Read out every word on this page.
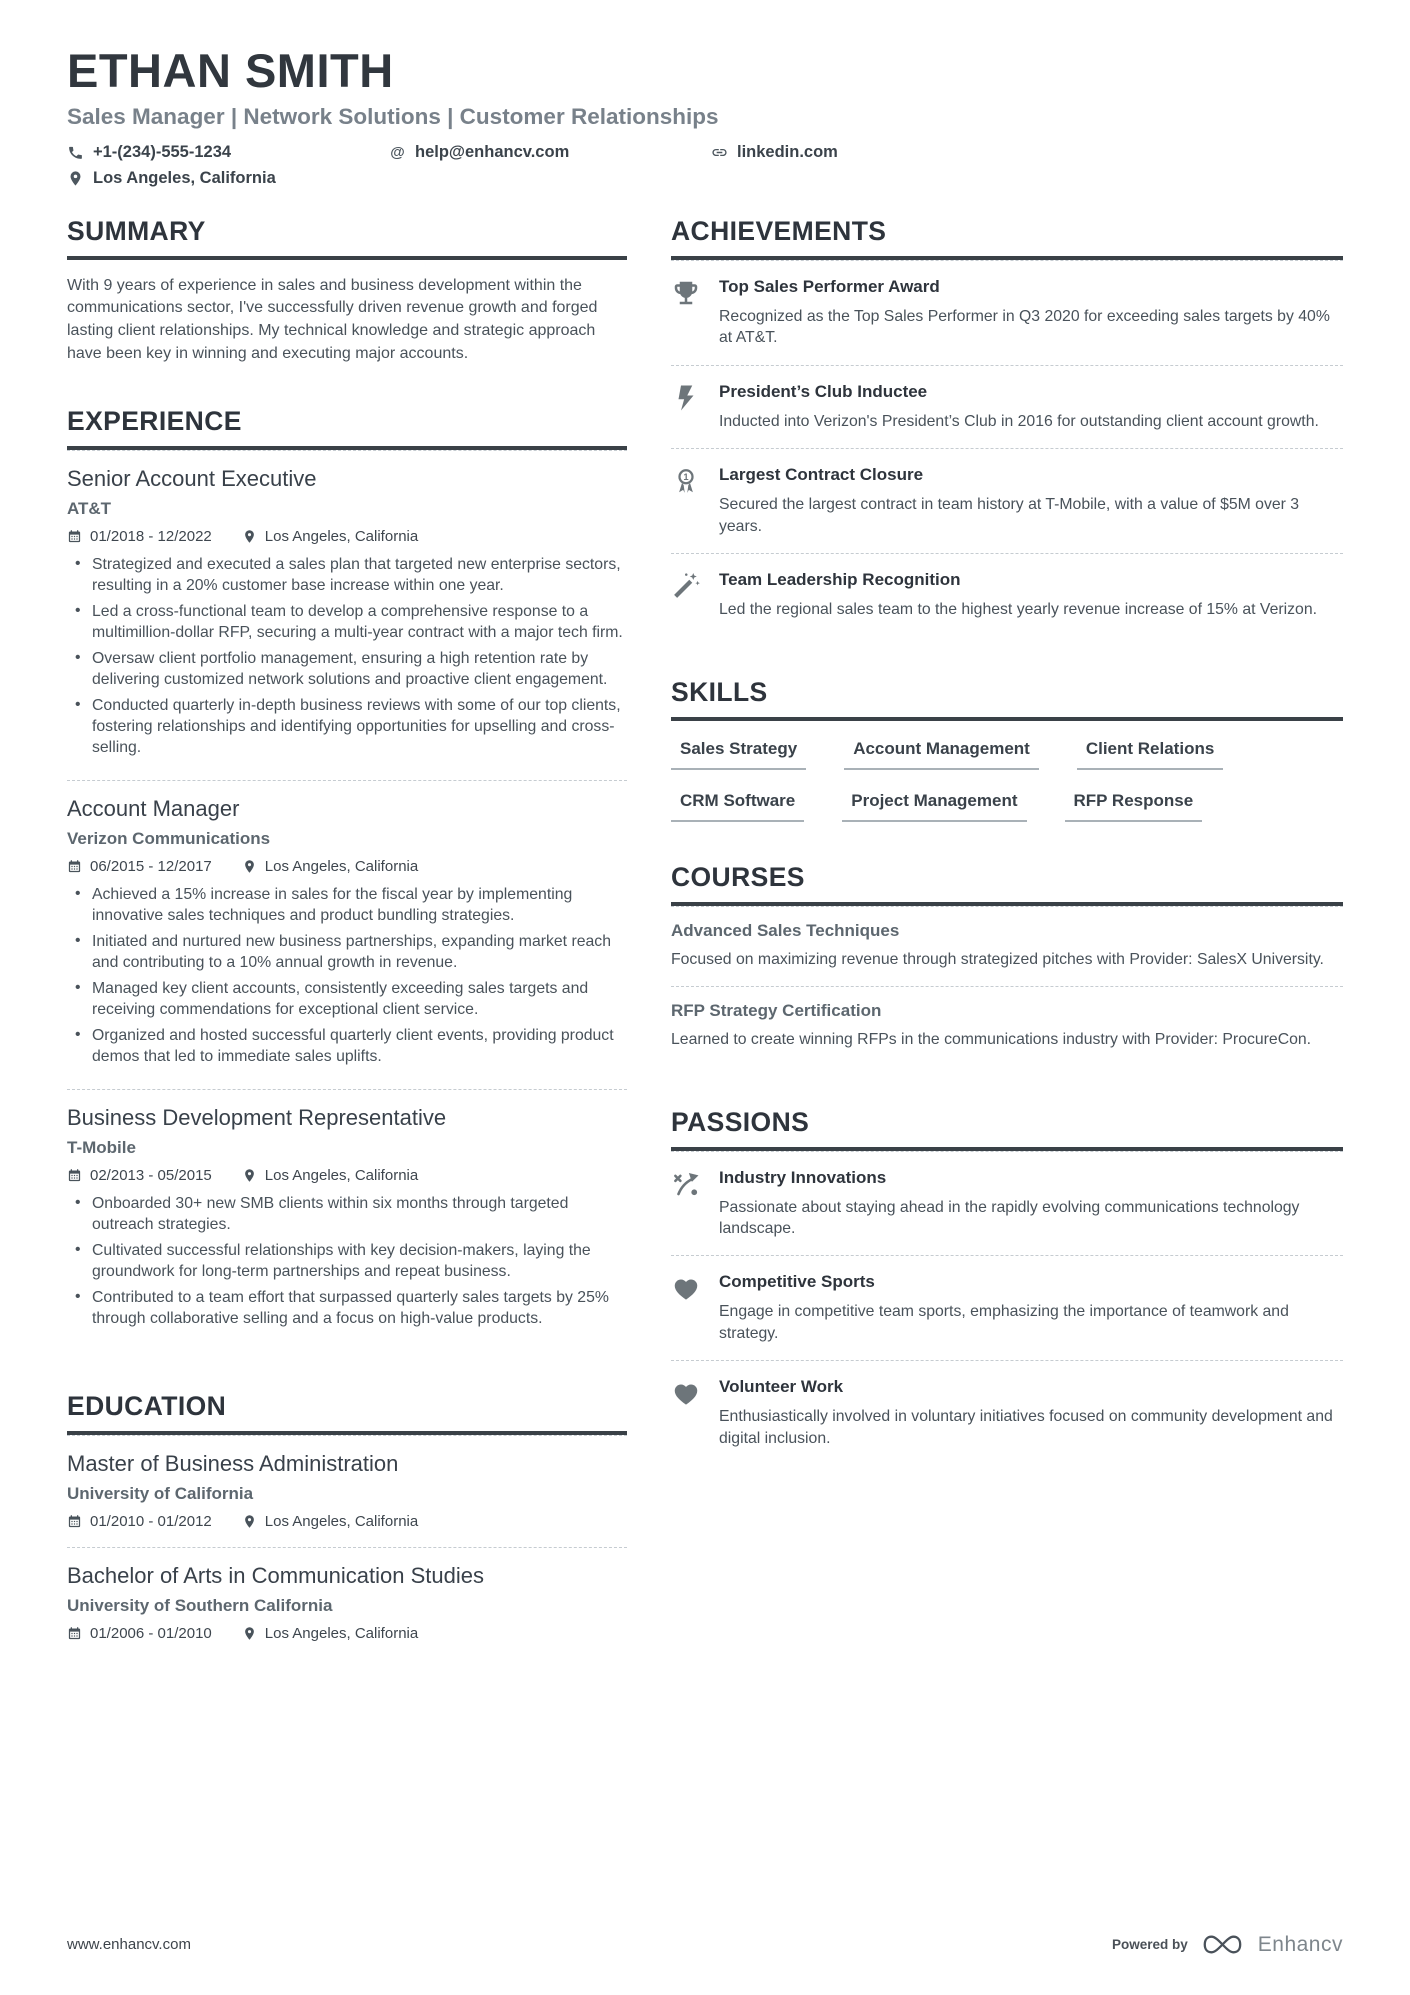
ETHAN SMITH
Sales Manager | Network Solutions | Customer Relationships
+1-(234)-555-1234	@ help@enhancv.com	linkedin.com
Los Angeles, California
SUMMARY

With 9 years of experience in sales and business development within the communications sector, I've successfully driven revenue growth and forged lasting client relationships. My technical knowledge and strategic approach have been key in winning and executing major accounts.

EXPERIENCE
Senior Account Executive
AT&T
01/2018 - 12/2022	Los Angeles, California
• Strategized and executed a sales plan that targeted new enterprise sectors, resulting in a 20% customer base increase within one year.
• Led a cross-functional team to develop a comprehensive response to a multimillion-dollar RFP, securing a multi-year contract with a major tech firm.
• Oversaw client portfolio management, ensuring a high retention rate by delivering customized network solutions and proactive client engagement.
• Conducted quarterly in-depth business reviews with some of our top clients, fostering relationships and identifying opportunities for upselling and cross-selling.
Account Manager
Verizon Communications
06/2015 - 12/2017	Los Angeles, California
• Achieved a 15% increase in sales for the fiscal year by implementing innovative sales techniques and product bundling strategies.
• Initiated and nurtured new business partnerships, expanding market reach and contributing to a 10% annual growth in revenue.
• Managed key client accounts, consistently exceeding sales targets and receiving commendations for exceptional client service.
• Organized and hosted successful quarterly client events, providing product demos that led to immediate sales uplifts.
Business Development Representative
T-Mobile
02/2013 - 05/2015	Los Angeles, California
• Onboarded 30+ new SMB clients within six months through targeted outreach strategies.
• Cultivated successful relationships with key decision-makers, laying the groundwork for long-term partnerships and repeat business.
• Contributed to a team effort that surpassed quarterly sales targets by 25% through collaborative selling and a focus on high-value products.
EDUCATION
Master of Business Administration
University of California
01/2010 - 01/2012	Los Angeles, California
Bachelor of Arts in Communication Studies
University of Southern California
01/2006 - 01/2010	Los Angeles, California
ACHIEVEMENTS
Top Sales Performer Award
Recognized as the Top Sales Performer in Q3 2020 for exceeding sales targets by 40% at AT&T.
President’s Club Inductee
Inducted into Verizon's President’s Club in 2016 for outstanding client account growth.
1 Largest Contract Closure
Secured the largest contract in team history at T-Mobile, with a value of $5M over 3 years.
Team Leadership Recognition
Led the regional sales team to the highest yearly revenue increase of 15% at Verizon.
SKILLS
Sales Strategy	Account Management	Client Relations
CRM Software	Project Management	RFP Response
COURSES
Advanced Sales Techniques
Focused on maximizing revenue through strategized pitches with Provider: SalesX University.
RFP Strategy Certification
Learned to create winning RFPs in the communications industry with Provider: ProcureCon.
PASSIONS
Industry Innovations
Passionate about staying ahead in the rapidly evolving communications technology landscape.
Competitive Sports
Engage in competitive team sports, emphasizing the importance of teamwork and strategy.
Volunteer Work
Enthusiastically involved in voluntary initiatives focused on community development and digital inclusion.
www.enhancv.com	Powered by	Enhancv
